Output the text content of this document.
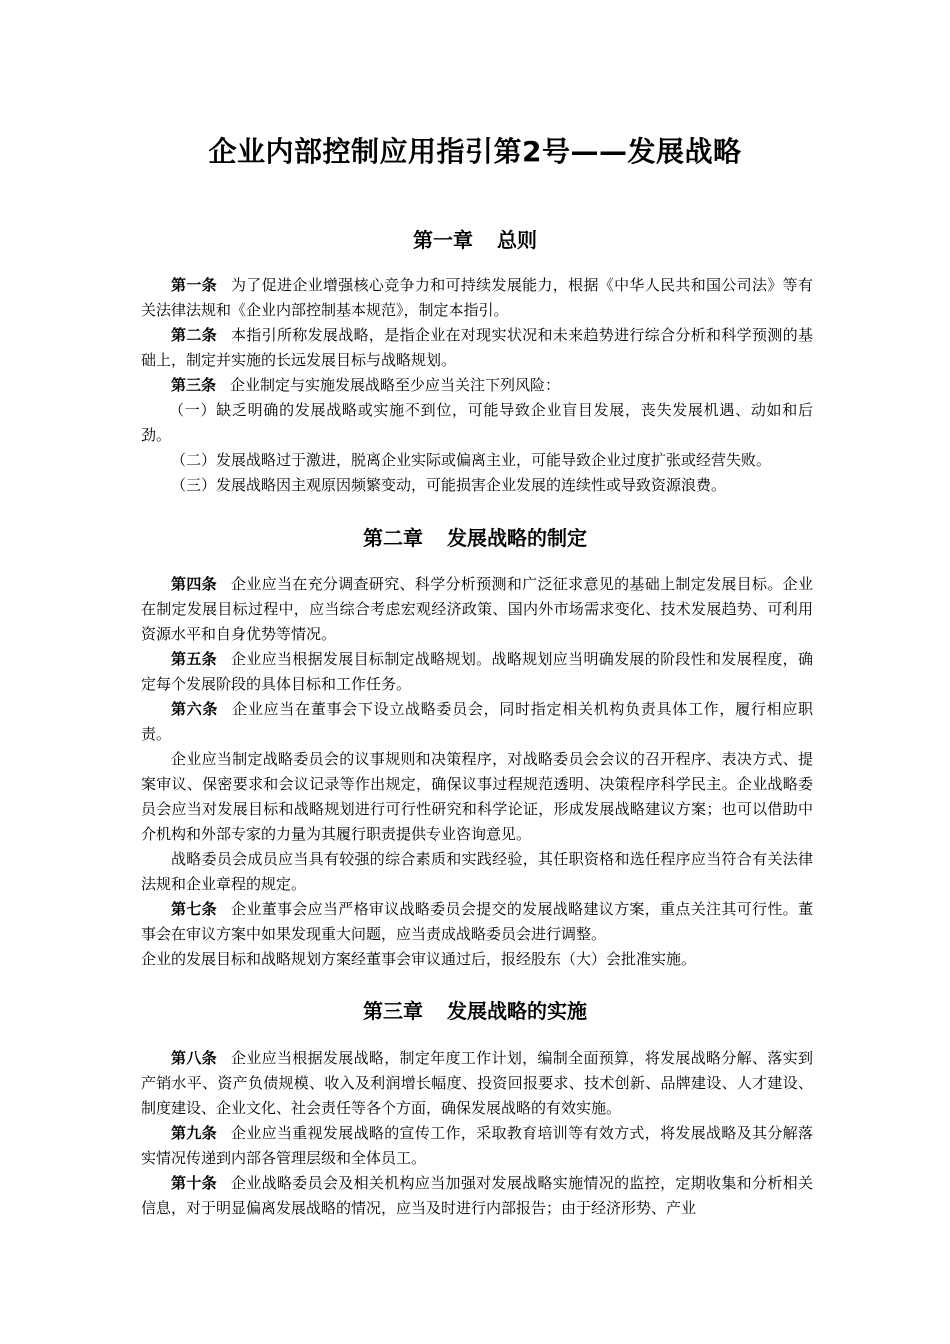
企业内部控制应用指引第2号——发展战略
第一章 总则

第一条 为了促进企业增强核心竞争力和可持续发展能力，根据《中华人民共和国公司法》等有关法律法规和《企业内部控制基本规范》，制定本指引。

第二条 本指引所称发展战略，是指企业在对现实状况和未来趋势进行综合分析和科学预测的基础上，制定并实施的长远发展目标与战略规划。

第三条 企业制定与实施发展战略至少应当关注下列风险：

（一）缺乏明确的发展战略或实施不到位，可能导致企业盲目发展，丧失发展机遇、动如和后劲。

（二）发展战略过于激进，脱离企业实际或偏离主业，可能导致企业过度扩张或经营失败。

（三）发展战略因主观原因频繁变动，可能损害企业发展的连续性或导致资源浪费。

第二章 发展战略的制定

第四条 企业应当在充分调查研究、科学分析预测和广泛征求意见的基础上制定发展目标。企业在制定发展目标过程中，应当综合考虑宏观经济政策、国内外市场需求变化、技术发展趋势、可利用资源水平和自身优势等情况。

第五条 企业应当根据发展目标制定战略规划。战略规划应当明确发展的阶段性和发展程度，确定每个发展阶段的具体目标和工作任务。

第六条 企业应当在董事会下设立战略委员会，同时指定相关机构负责具体工作，履行相应职责。

企业应当制定战略委员会的议事规则和决策程序，对战略委员会会议的召开程序、表决方式、提案审议、保密要求和会议记录等作出规定，确保议事过程规范透明、决策程序科学民主。企业战略委员会应当对发展目标和战略规划进行可行性研究和科学论证，形成发展战略建议方案；也可以借助中介机构和外部专家的力量为其履行职责提供专业咨询意见。

战略委员会成员应当具有较强的综合素质和实践经验，其任职资格和选任程序应当符合有关法律法规和企业章程的规定。

第七条 企业董事会应当严格审议战略委员会提交的发展战略建议方案，重点关注其可行性。董事会在审议方案中如果发现重大问题，应当责成战略委员会进行调整。

企业的发展目标和战略规划方案经董事会审议通过后，报经股东（大）会批准实施。

第三章 发展战略的实施

第八条 企业应当根据发展战略，制定年度工作计划，编制全面预算，将发展战略分解、落实到产销水平、资产负债规模、收入及利润增长幅度、投资回报要求、技术创新、品牌建设、人才建设、制度建设、企业文化、社会责任等各个方面，确保发展战略的有效实施。

第九条 企业应当重视发展战略的宣传工作，采取教育培训等有效方式，将发展战略及其分解落实情况传递到内部各管理层级和全体员工。

第十条 企业战略委员会及相关机构应当加强对发展战略实施情况的监控，定期收集和分析相关信息，对于明显偏离发展战略的情况，应当及时进行内部报告；由于经济形势、产业
